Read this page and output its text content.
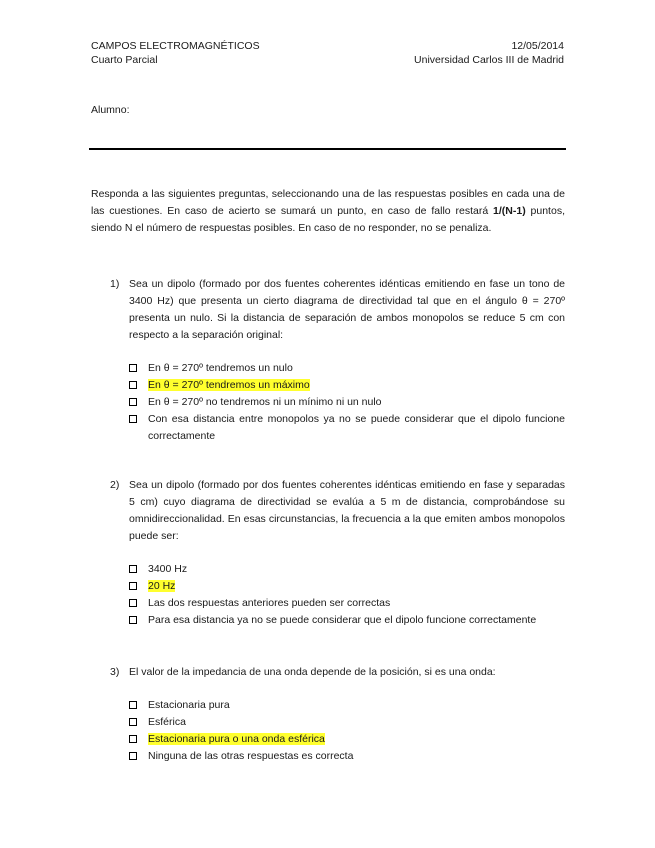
CAMPOS ELECTROMAGNÉTICOS
Cuarto Parcial
12/05/2014
Universidad Carlos III de Madrid
Alumno:
Responda a las siguientes preguntas, seleccionando una de las respuestas posibles en cada una de las cuestiones. En caso de acierto se sumará un punto, en caso de fallo restará 1/(N-1) puntos, siendo N el número de respuestas posibles. En caso de no responder, no se penaliza.
1) Sea un dipolo (formado por dos fuentes coherentes idénticas emitiendo en fase un tono de 3400 Hz) que presenta un cierto diagrama de directividad tal que en el ángulo θ = 270º presenta un nulo. Si la distancia de separación de ambos monopolos se reduce 5 cm con respecto a la separación original:
En θ = 270º tendremos un nulo
En θ = 270º tendremos un máximo
En θ = 270º no tendremos ni un mínimo ni un nulo
Con esa distancia entre monopolos ya no se puede considerar que el dipolo funcione correctamente
2) Sea un dipolo (formado por dos fuentes coherentes idénticas emitiendo en fase y separadas 5 cm) cuyo diagrama de directividad se evalúa a 5 m de distancia, comprobándose su omnidireccionalidad. En esas circunstancias, la frecuencia a la que emiten ambos monopolos puede ser:
3400 Hz
20 Hz
Las dos respuestas anteriores pueden ser correctas
Para esa distancia ya no se puede considerar que el dipolo funcione correctamente
3) El valor de la impedancia de una onda depende de la posición, si es una onda:
Estacionaria pura
Esférica
Estacionaria pura o una onda esférica
Ninguna de las otras respuestas es correcta
